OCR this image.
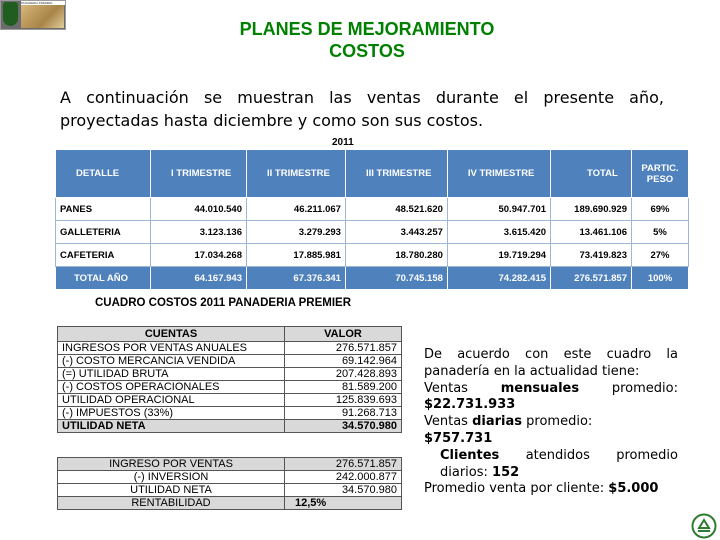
PANADERIA PREMIER
PLANES DE MEJORAMIENTO
COSTOS
A continuación se muestran las ventas durante el presente año, proyectadas hasta diciembre y como son sus costos.
2011
DETALLE	I TRIMESTRE	II TRIMESTRE	III TRIMESTRE	IV TRIMESTRE	TOTAL	PARTIC. PESO
PANES	44.010.540	46.211.067	48.521.620	50.947.701	189.690.929	69%
GALLETERIA	3.123.136	3.279.293	3.443.257	3.615.420	13.461.106	5%
CAFETERIA	17.034.268	17.885.981	18.780.280	19.719.294	73.419.823	27%
TOTAL AÑO	64.167.943	67.376.341	70.745.158	74.282.415	276.571.857	100%
CUADRO COSTOS 2011 PANADERIA PREMIER
CUENTAS	VALOR
INGRESOS POR VENTAS ANUALES	276.571.857
(-) COSTO MERCANCIA VENDIDA	69.142.964
(=) UTILIDAD BRUTA	207.428.893
(-) COSTOS OPERACIONALES	81.589.200
UTILIDAD OPERACIONAL	125.839.693
(-) IMPUESTOS (33%)	91.268.713
UTILIDAD NETA	34.570.980
INGRESO POR VENTAS	276.571.857
(-) INVERSION	242.000.877
UTILIDAD NETA	34.570.980
RENTABILIDAD	12,5%
De acuerdo con este cuadro la panadería en la actualidad tiene:
Ventas	mensuales	promedio:
$22.731.933
Ventas diarias promedio:
$757.731
Clientes atendidos promedio diarios: 152
Promedio venta por cliente: $5.000
